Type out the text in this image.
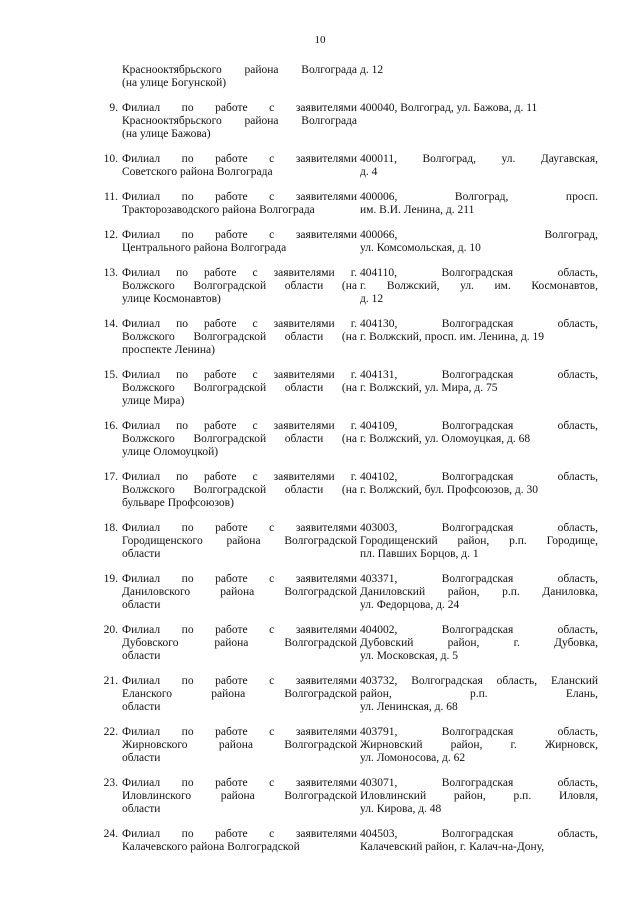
10
Краснооктябрьского района Волгограда
(на улице Богунской)
д. 12
9. Филиал по работе с заявителями
Краснооктябрьского района Волгограда
(на улице Бажова)
400040, Волгоград, ул. Бажова, д. 11
10. Филиал по работе с заявителями
Советского района Волгограда
400011, Волгоград, ул. Даугавская,
д. 4
11. Филиал по работе с заявителями
Тракторозаводского района Волгограда
400006, Волгоград, просп.
им. В.И. Ленина, д. 211
12. Филиал по работе с заявителями
Центрального района Волгограда
400066, Волгоград,
ул. Комсомольская, д. 10
13. Филиал по работе с заявителями г.
Волжского Волгоградской области (на
улице Космонавтов)
404110, Волгоградская область,
г. Волжский, ул. им. Космонавтов,
д. 12
14. Филиал по работе с заявителями г.
Волжского Волгоградской области (на
проспекте Ленина)
404130, Волгоградская область,
г. Волжский, просп. им. Ленина, д. 19
15. Филиал по работе с заявителями г.
Волжского Волгоградской области (на
улице Мира)
404131, Волгоградская область,
г. Волжский, ул. Мира, д. 75
16. Филиал по работе с заявителями г.
Волжского Волгоградской области (на
улице Оломоуцкой)
404109, Волгоградская область,
г. Волжский, ул. Оломоуцкая, д. 68
17. Филиал по работе с заявителями г.
Волжского Волгоградской области (на
бульваре Профсоюзов)
404102, Волгоградская область,
г. Волжский, бул. Профсоюзов, д. 30
18. Филиал по работе с заявителями
Городищенского района Волгоградской
области
403003, Волгоградская область,
Городищенский район, р.п. Городище,
пл. Павших Борцов, д. 1
19. Филиал по работе с заявителями
Даниловского района Волгоградской
области
403371, Волгоградская область,
Даниловский район, р.п. Даниловка,
ул. Федорцова, д. 24
20. Филиал по работе с заявителями
Дубовского района Волгоградской
области
404002, Волгоградская область,
Дубовский район, г. Дубовка,
ул. Московская, д. 5
21. Филиал по работе с заявителями
Еланского района Волгоградской
области
403732, Волгоградская область, Еланский
район, р.п. Елань,
ул. Ленинская, д. 68
22. Филиал по работе с заявителями
Жирновского района Волгоградской
области
403791, Волгоградская область,
Жирновский район, г. Жирновск,
ул. Ломоносова, д. 62
23. Филиал по работе с заявителями
Иловлинского района Волгоградской
области
403071, Волгоградская область,
Иловлинский район, р.п. Иловля,
ул. Кирова, д. 48
24. Филиал по работе с заявителями
Калачевского района Волгоградской
404503, Волгоградская область,
Калачевский район, г. Калач-на-Дону,
